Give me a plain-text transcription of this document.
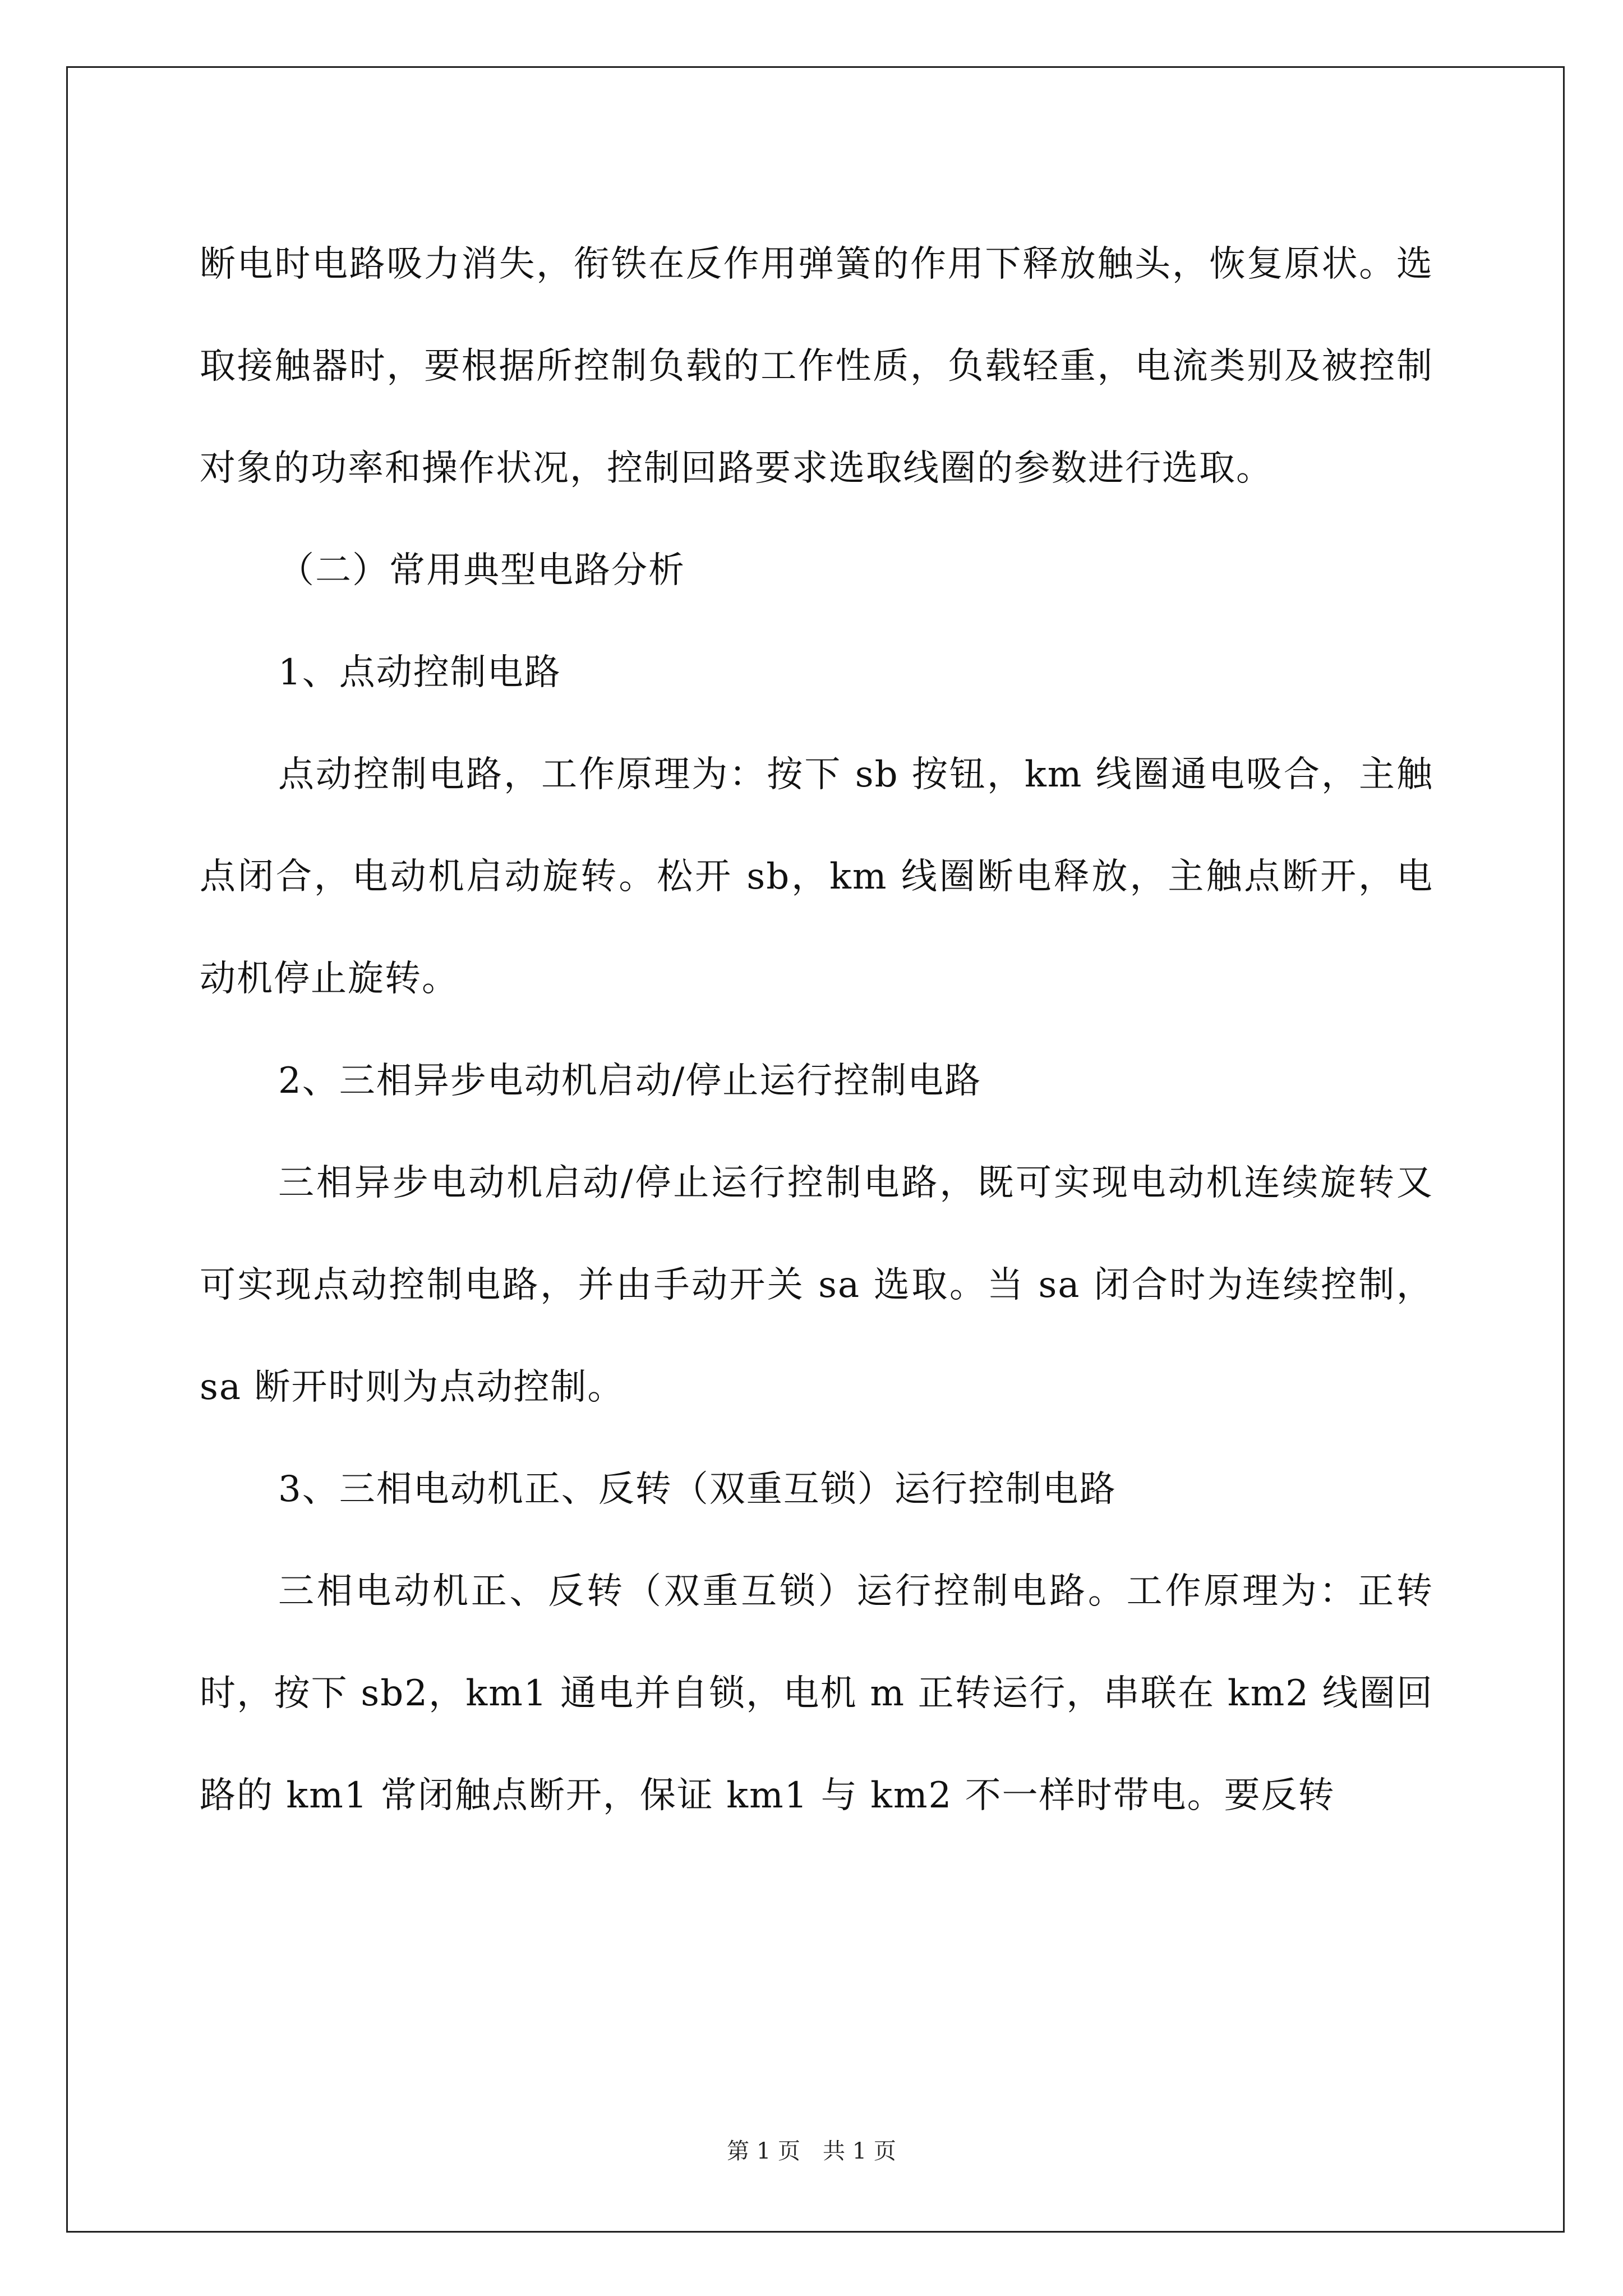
断电时电路吸力消失，衔铁在反作用弹簧的作用下释放触头，恢复原状。选取接触器时，要根据所控制负载的工作性质，负载轻重，电流类别及被控制对象的功率和操作状况，控制回路要求选取线圈的参数进行选取。

（二）常用典型电路分析

1、点动控制电路

点动控制电路，工作原理为：按下 sb 按钮，km 线圈通电吸合，主触点闭合，电动机启动旋转。松开 sb，km 线圈断电释放，主触点断开，电动机停止旋转。

2、三相异步电动机启动/停止运行控制电路

三相异步电动机启动/停止运行控制电路，既可实现电动机连续旋转又可实现点动控制电路，并由手动开关 sa 选取。当 sa 闭合时为连续控制，sa 断开时则为点动控制。

3、三相电动机正、反转（双重互锁）运行控制电路

三相电动机正、反转（双重互锁）运行控制电路。工作原理为：正转时，按下 sb2，km1 通电并自锁，电机 m 正转运行，串联在 km2 线圈回路的 km1 常闭触点断开，保证 km1 与 km2 不一样时带电。要反转

第 1 页　共 1 页
